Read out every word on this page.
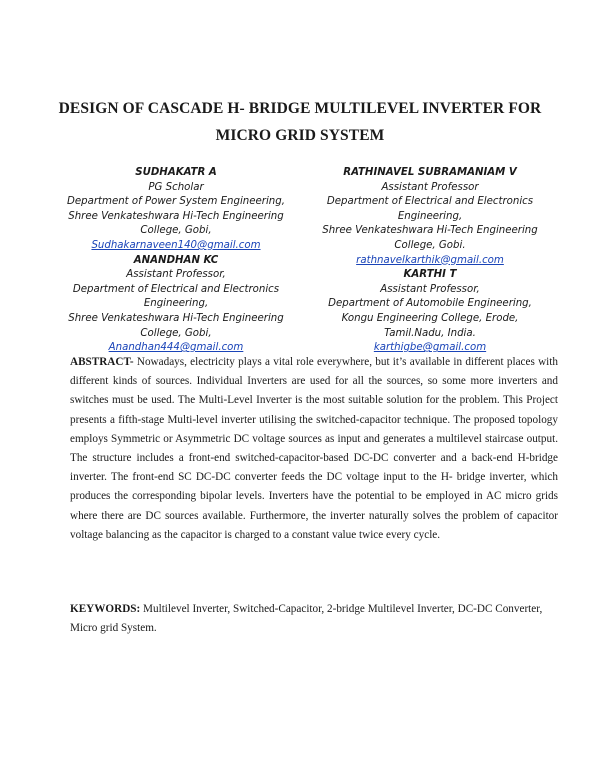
DESIGN OF CASCADE H- BRIDGE MULTILEVEL INVERTER FOR
MICRO GRID SYSTEM
SUDHAKATR A
PG Scholar
Department of Power System Engineering,
Shree Venkateshwara Hi-Tech Engineering
College, Gobi,
Sudhakarnaveen140@gmail.com
ANANDHAN KC
Assistant Professor,
Department of Electrical and Electronics
Engineering,
Shree Venkateshwara Hi-Tech Engineering
College, Gobi,
Anandhan444@gmail.com
RATHINAVEL SUBRAMANIAM V
Assistant Professor
Department of Electrical and Electronics
Engineering,
Shree Venkateshwara Hi-Tech Engineering
College, Gobi.
rathnavelkarthik@gmail.com
KARTHI T
Assistant Professor,
Department of Automobile Engineering,
Kongu Engineering College, Erode,
Tamil.Nadu, India.
karthigbe@gmail.com
ABSTRACT- Nowadays, electricity plays a vital role everywhere, but it’s available in different places with different kinds of sources. Individual Inverters are used for all the sources, so some more inverters and switches must be used. The Multi-Level Inverter is the most suitable solution for the problem. This Project presents a fifth-stage Multi-level inverter utilising the switched-capacitor technique. The proposed topology employs Symmetric or Asymmetric DC voltage sources as input and generates a multilevel staircase output. The structure includes a front-end switched-capacitor-based DC-DC converter and a back-end H-bridge inverter. The front-end SC DC-DC converter feeds the DC voltage input to the H- bridge inverter, which produces the corresponding bipolar levels. Inverters have the potential to be employed in AC micro grids where there are DC sources available. Furthermore, the inverter naturally solves the problem of capacitor voltage balancing as the capacitor is charged to a constant value twice every cycle.
KEYWORDS: Multilevel Inverter, Switched-Capacitor, 2-bridge Multilevel Inverter, DC-DC Converter, Micro grid System.
